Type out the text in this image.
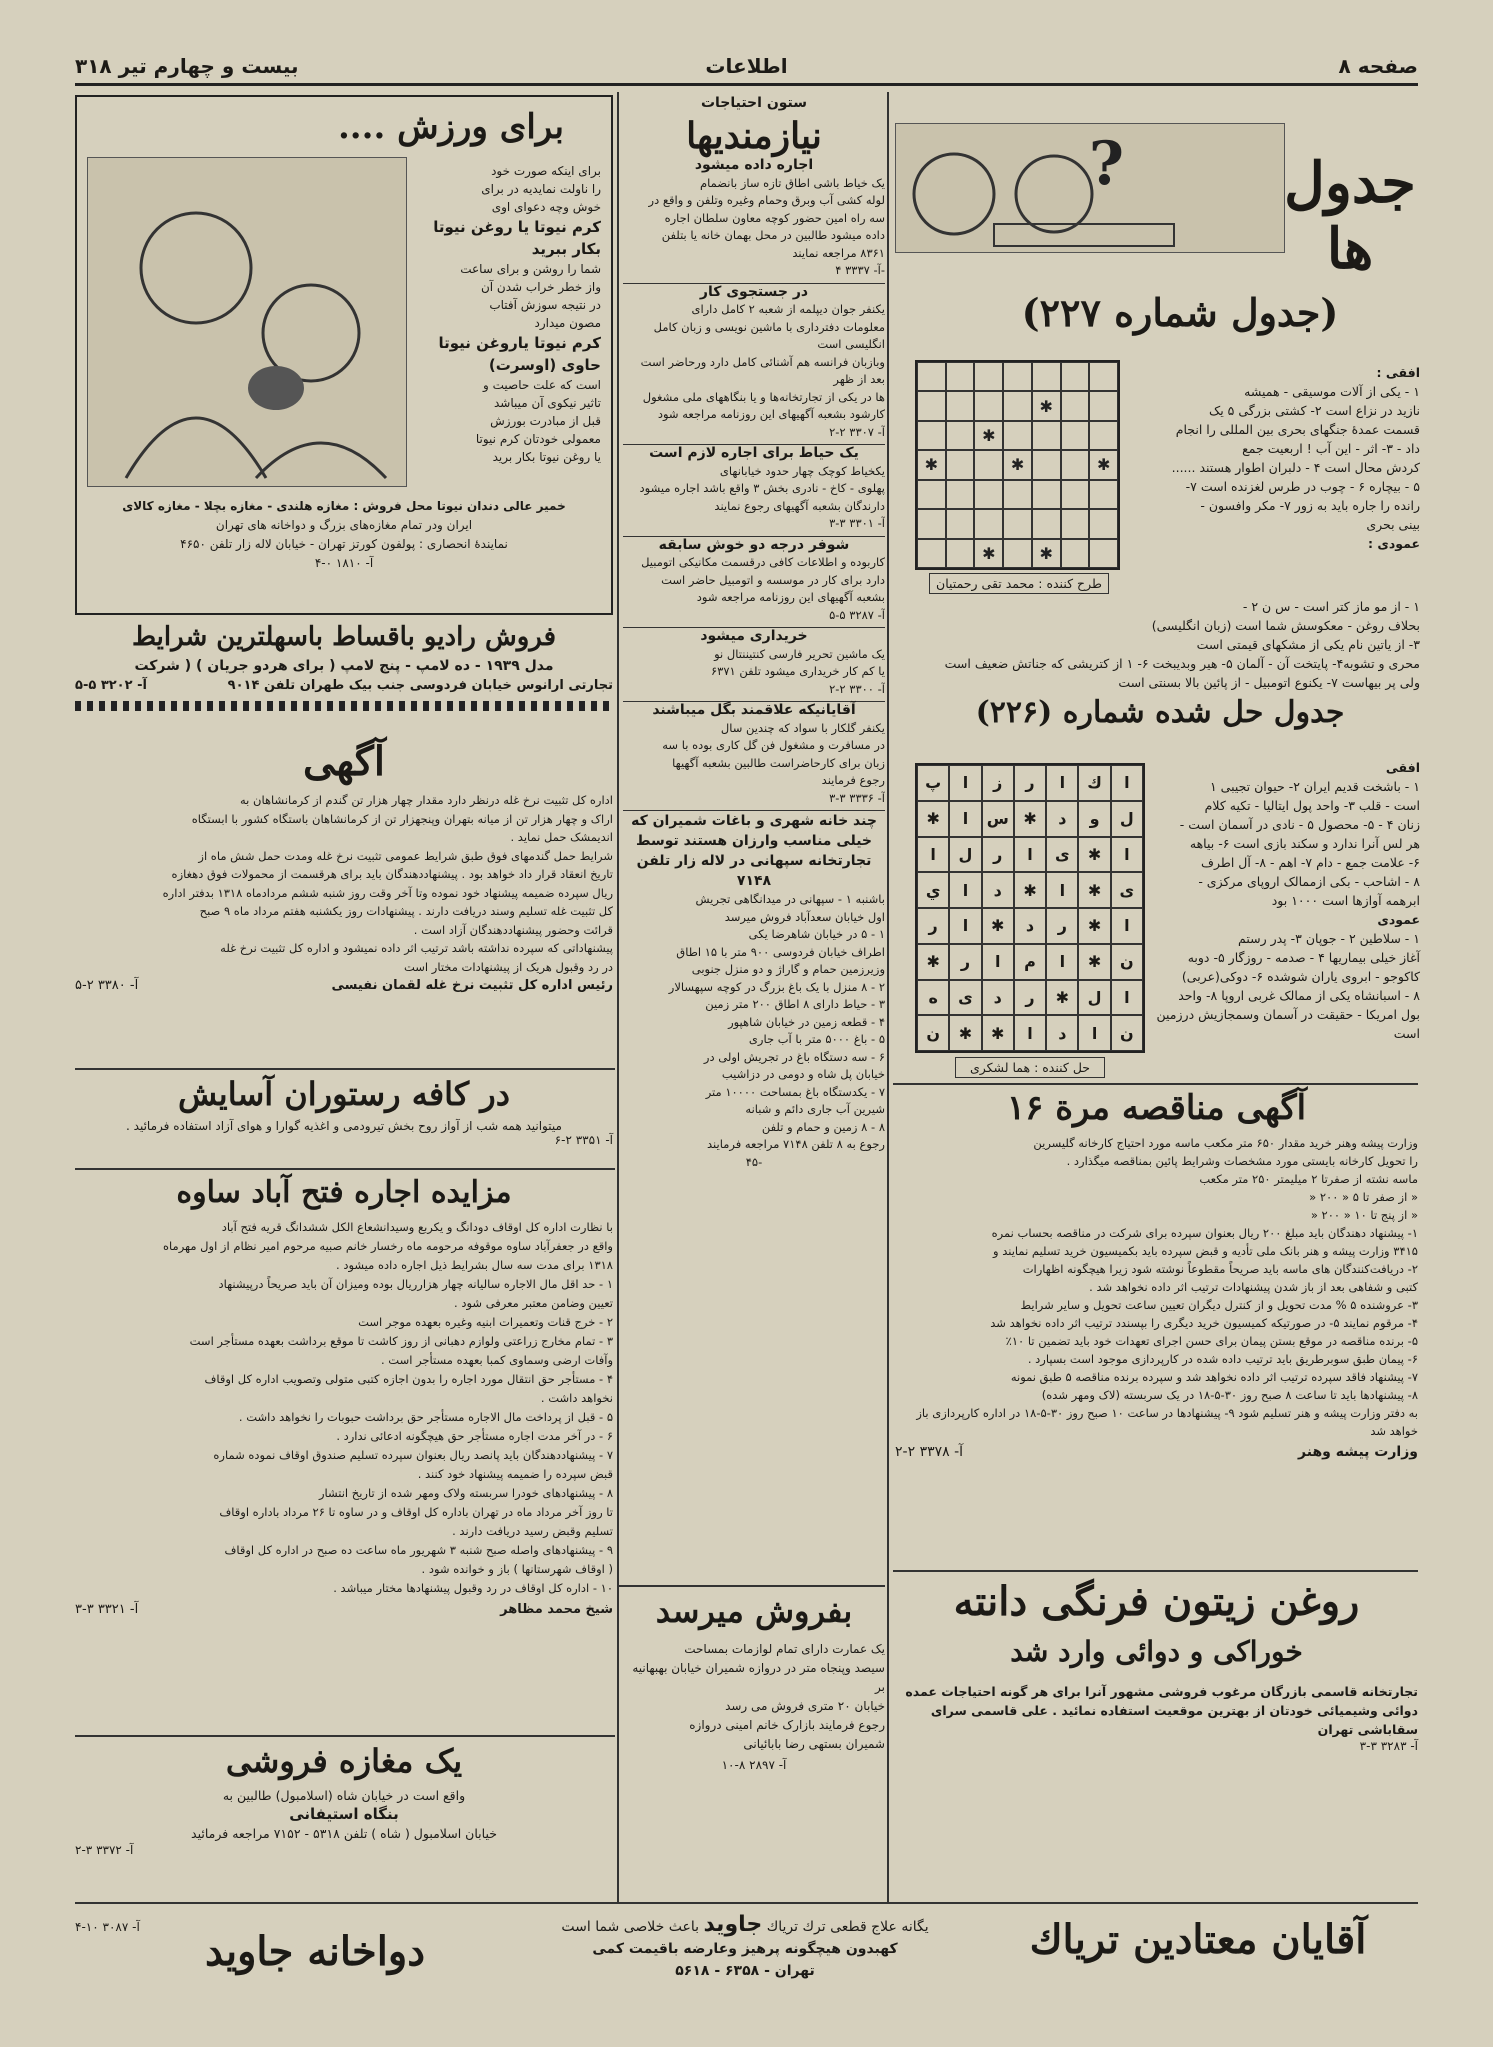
صفحه ۸
اطلاعات
بیست و چهارم تیر ۳۱۸
?	جدول ها
(جدول شماره ۲۲۷)
✱
✱
✱
✱
✱
✱
✱
طرح کننده : محمد تقی رحمتیان
افقی :
۱ - یکی از آلات موسیقی - همیشه
نازید در نزاع است ۲- کشتی بزرگی ۵ یک
قسمت عمدهٔ جنگهای بحری بین المللی را انجام
داد - ۳- اثر - این آب ! اربعیت جمع
کردش محال است ۴ - دلبران اطوار هستند ......
۵ - بیچاره ۶ - چوب در طرس لغزنده است ۷-
رانده را جاره باید به زور ۷- مکر وافسون -
بینی بحری
عمودی :
۱ - از مو ماز کتر است - س ن ۲ -
بحلاف روغن - معکوسش شما است (زبان انگلیسی)
۳- از یاتین نام یکی از مشکهای قیمتی است
محری و تشوبه۴- پایتخت آن - آلمان ۵- هیر وبدیبخت ۶- ۱ از کتریشی که جناتش ضعیف است
ولی پر بیهاست ۷- یکنوع اتومبیل - از پائین بالا بسنتی است
جدول حل شده شماره (۲۲۶)
ا
ك
ا
ر
ز
ا
پ
ل
و
د
✱
س
ا
✱
ا
✱
ى
ا
ر
ل
ا
ى
✱
ا
✱
د
ا
ي
ا
✱
ر
د
✱
ا
ر
ن
✱
ا
م
ا
ر
✱
ا
ل
✱
ر
د
ى
ه
ن
ا
د
ا
✱
✱
ن
حل کننده : هما لشکری
افقی
۱ - باشخت قدیم ایران ۲- حیوان تجیبی ۱
است - قلب ۳- واحد پول ایتالیا - تکیه کلام
زنان ۴ - ۵- محصول ۵ - نادی در آسمان است -
هر لس آنرا ندارد و سکند بازی است ۶- بیاهه
۶- علامت جمع - دام ۷- اهم - ۸- آل اطرف
۸ - اشاحب - بکی ازممالک اروپای مرکزی -
ابرهمه آوازها است ۱۰۰۰ بود
عمودی
۱ - سلاطین ۲ - جوپان ۳- پدر رستم
آغاز خیلی بیماریها ۴ - صدمه - روزگار ۵- دوبه
کاکوجو - ابروی یاران شوشده ۶- دوکی(عربی)
۸ - اسبانشاه یکی از ممالک غربی اروپا ۸- واحد
بول امریکا - حقیقت در آسمان وسمجازیش درزمین است
آگهی مناقصه مرة ۱۶
وزارت پیشه وهنر خرید مقدار ۶۵۰ متر مکعب ماسه مورد احتیاج کارخانه گلیسرین
را تحویل کارخانه بایستی مورد مشخصات وشرایط پائین بمناقصه میگذارد .
ماسه نشته از صفرتا ۲ میلیمتر ۲۵۰ متر مکعب
« از صفر تا ۵ « ۲۰۰ «
« از پنج تا ۱۰ « ۲۰۰ «
۱- پیشنهاد دهندگان باید مبلغ ۲۰۰ ریال بعنوان سپرده برای شرکت در مناقصه بحساب نمره
۳۴۱۵ وزارت پیشه و هنر بانک ملی تأدیه و قبض سپرده باید بکمیسیون خرید تسلیم نمایند و
۲- دریافت‌کنندگان های ماسه باید صریحاً مقطوعاً نوشته شود زیرا هیچگونه اظهارات
کتبی و شفاهی بعد از باز شدن پیشنهادات ترتیب اثر داده نخواهد شد .
۳- عروشنده ۵ % مدت تحویل و از کنترل دیگران تعیین ساعت تحویل و سایر شرایط
۴- مرقوم نمایند ۵- در صورتیکه کمیسیون خرید دیگری را بپسندد ترتیب اثر داده نخواهد شد
۵- برنده مناقصه در موقع بستن پیمان برای حسن اجرای تعهدات خود باید تضمین تا ۱۰٪
۶- پیمان طبق سوبرطریق باید ترتیب داده شده در کارپردازی موجود است بسپارد .
۷- پیشنهاد فاقد سپرده ترتیب اثر داده نخواهد شد و سپرده برنده مناقصه ۵ طبق نمونه
۸- پیشنهادها باید تا ساعت ۸ صبح روز ۳۰-۵-۱۸ در یک سربسته (لاک ومهر شده)
به دفتر وزارت پیشه و هنر تسلیم شود ۹- پیشنهادها در ساعت ۱۰ صبح روز ۳۰-۵-۱۸ در اداره کارپردازی باز خواهد شد
وزارت پیشه وهنر
آ- ۳۳۷۸ ۲-۲
روغن زیتون فرنگی دانته
خوراکی و دوائی وارد شد
تجارتخانه قاسمی بازرگان مرغوب فروشی مشهور آنرا برای هر گونه احتیاجات عمده
دوائی وشیمیائی خودتان از بهترین موقعیت استفاده نمائید . علی قاسمی سرای سقاباشی تهران
آ- ۳۲۸۳ ۳-۳
ستون احتیاجات
نیازمندیها
اجاره داده میشود
یک خیاط باشی اطاق تازه ساز بانضمام
لوله کشی آب وبرق وحمام وغیره وتلفن و واقع در
سه راه امین حضور کوچه معاون سلطان اجاره
داده میشود طالبین در محل بهمان خانه یا بتلفن
۸۳۶۱ مراجعه نمایند
آ- ۳۳۳۷ ۴-
در جستجوی کار
یکنفر جوان دیپلمه از شعبه ۲ کامل دارای
معلومات دفترداری با ماشین نویسی و زبان کامل انگلیسی است
وبازبان فرانسه هم آشنائی کامل دارد ورحاضر است بعد از ظهر
ها در یکی از تجارتخانه‌ها و یا بنگاههای ملی مشغول
کارشود بشعبه آگهیهای این روزنامه مراجعه شود
آ- ۳۳۰۷ ۲-۲
یک حیاط برای اجاره لازم است
یکخیاط کوچک چهار حدود خیابانهای
پهلوی - کاخ - نادری بخش ۳ واقع باشد اجاره میشود
دارندگان بشعبه آگهیهای رجوع نمایند
آ- ۳۳۰۱ ۳-۳
شوفر درجه دو خوش سابقه
کاربوده و اطلاعات کافی درقسمت مکانیکی اتومبیل
دارد برای کار در موسسه و اتومبیل حاضر است
بشعبه آگهیهای این روزنامه مراجعه شود
آ- ۳۲۸۷ ۵-۵
خریداری میشود
یک ماشین تحریر فارسی کنتیننتال نو
یا کم کار خریداری میشود تلفن ۶۳۷۱
آ- ۳۳۰۰ ۲-۲
آقایانیکه علاقمند بگل میباشند
یکنفر گلکار با سواد که چندین سال
در مسافرت و مشغول فن گل کاری بوده با سه
زبان برای کارحاضراست طالبین بشعبه آگهیها
رجوع فرمایند
آ- ۳۳۳۶ ۳-۳
چند خانه شهری و باغات شمیران که خیلی مناسب وارزان هستند توسط تجارتخانه سپهانی در لاله زار تلفن ۷۱۴۸
باشنبه ۱ - سپهانی در میدانگاهی تجریش
اول خیابان سعدآباد فروش میرسد
۱ - ۵ در خیابان شاهرضا یکی
اطراف خیابان فردوسی ۹۰۰ متر با ۱۵ اطاق
وزیرزمین حمام و گاراژ و دو منزل جنوبی
۲ - ۸ منزل با یک باغ بزرگ در کوچه سپهسالار
۳ - حیاط دارای ۸ اطاق ۲۰۰ متر زمین
۴ - قطعه زمین در خیابان شاهپور
۵ - باغ ۵۰۰۰ متر با آب جاری
۶ - سه دستگاه باغ در تجریش اولی در
خیابان پل شاه و دومی در دزاشیب
۷ - یکدستگاه باغ بمساحت ۱۰۰۰۰ متر
شیرین آب جاری دائم و شبانه
۸ - ۸ زمین و حمام و تلفن
رجوع به ۸ تلفن ۷۱۴۸ مراجعه فرمایند
۴۵-
بفروش میرسد
یک عمارت دارای تمام لوازمات بمساحت
سیصد وپنجاه متر در دروازه شمیران خیابان بهبهانیه بر
خیابان ۲۰ متری فروش می رسد
رجوع فرمایند بازارک خانم امینی دروازه
شمیران بستهی رضا بابائیانی
آ- ۲۸۹۷ ۸-۱۰
برای ورزش ....
برای اینکه صورت خود
را ناولت نمایدیه در برای
خوش وچه دعوای اوی
کرم نیوتا یا روغن نیوتا بکار ببرید
شما را روشن و برای ساعت
واز خطر خراب شدن آن
در نتیجه سوزش آفتاب
مصون میدارد
کرم نیوتا یاروغن نیوتا حاوی (اوسرت)
است که علت حاصیت و
تاثیر نیکوی آن میباشد
قبل از مبادرت بورزش
معمولی خودتان کرم نیوتا
یا روغن نیوتا بکار برید
خمیر عالی دندان نیوتا محل فروش : مغازه هلندی - مغازه بچلا - مغازه کالای
ایران ودر تمام مغازه‌های بزرگ و دواخانه های تهران
نمایندهٔ انحصاری : پولفون کورتز تهران - خیابان لاله زار تلفن ۴۶۵۰
آ- ۱۸۱۰ ۰-۴
فروش رادیو باقساط باسهلترین شرایط
مدل ۱۹۳۹ - ده لامپ - پنج لامپ ( برای هردو جریان ) ( شرکت
تجارتی ارانوس خیابان فردوسی جنب بیک طهران تلفن ۹۰۱۴
آ- ۳۲۰۲ ۵-۵
آگهی
اداره کل تثبیت نرخ غله درنظر دارد مقدار چهار هزار تن گندم از کرمانشاهان به
اراک و چهار هزار تن از میانه بتهران وپنجهزار تن از کرمانشاهان باستگاه کشور با ابستگاه
اندیمشک حمل نماید .
شرایط حمل گندمهای فوق طبق شرایط عمومی تثبیت نرخ غله ومدت حمل شش ماه از
تاریخ انعقاد قرار داد خواهد بود . پیشنهاددهندگان باید برای هرقسمت از محمولات فوق دهغازه
ریال سپرده ضمیمه پیشنهاد خود نموده وتا آخر وقت روز شنبه ششم مردادماه ۱۳۱۸ بدفتر اداره
کل تثبیت غله تسلیم وسند دریافت دارند . پیشنهادات روز یکشنبه هفتم مرداد ماه ۹ صبح
قرائت وحضور پیشنهاددهندگان آزاد است .
پیشنهاداتی که سپرده نداشته باشد ترتیب اثر داده نمیشود و اداره کل تثبیت نرخ غله
در رد وقبول هریک از پیشنهادات مختار است
رئیس اداره کل تثبیت نرخ غله لقمان نفیسی
آ- ۳۳۸۰ ۲-۵
در کافه رستوران آسایش
میتوانید همه شب از آواز روح بخش تیرودمی و اغذیه گوارا و هوای آزاد استفاده فرمائید .
آ- ۳۳۵۱ ۲-۶
مزایده اجاره فتح آباد ساوه
با نظارت اداره کل اوقاف دودانگ و یکربع وسیدانشعاع الکل ششدانگ قریه فتح آباد
واقع در جعفرآباد ساوه موقوفه مرحومه ماه رخسار خانم صبیه مرحوم امیر نظام از اول مهرماه
۱۳۱۸ برای مدت سه سال بشرایط ذیل اجاره داده میشود .
۱ - حد اقل مال الاجاره سالیانه چهار هزارریال بوده ومیزان آن باید صریحاً درپیشنهاد
تعیین وضامن معتبر معرفی شود .
۲ - خرج قنات وتعمیرات ابنیه وغیره بعهده موجر است
۳ - تمام مخارج زراعتی ولوازم دهبانی از روز کاشت تا موقع برداشت بعهده مستأجر است
وآفات ارضی وسماوی کمبا بعهده مستأجر است .
۴ - مستأجر حق انتقال مورد اجاره را بدون اجازه کتبی متولی وتصویب اداره کل اوقاف
نخواهد داشت .
۵ - قبل از پرداخت مال الاجاره مستأجر حق برداشت حبوبات را نخواهد داشت .
۶ - در آخر مدت اجاره مستأجر حق هیچگونه ادعائی ندارد .
۷ - پیشنهاددهندگان باید پانصد ریال بعنوان سپرده تسلیم صندوق اوقاف نموده شماره
قبض سپرده را ضمیمه پیشنهاد خود کنند .
۸ - پیشنهادهای خودرا سربسته ولاک ومهر شده از تاریخ انتشار
تا روز آخر مرداد ماه در تهران باداره کل اوقاف و در ساوه تا ۲۶ مرداد باداره اوقاف
تسلیم وقبض رسید دریافت دارند .
۹ - پیشنهادهای واصله صبح شنبه ۳ شهریور ماه ساعت ده صبح در اداره کل اوقاف
( اوقاف شهرستانها ) باز و خوانده شود .
۱۰ - اداره کل اوقاف در رد وقبول پیشنهادها مختار میباشد .
شیخ محمد مظاهر
آ- ۳۳۲۱ ۳-۳
یک مغازه فروشی
واقع است در خیابان شاه (اسلامبول) طالبین به
بنگاه استیفانی
خیابان اسلامبول ( شاه ) تلفن ۵۳۱۸ - ۷۱۵۲ مراجعه فرمائید
آ- ۳۳۷۲ ۳-۲
آقایان معتادین تریاك
یگانه علاج قطعی ترك تریاك جاوید باعث خلاصی شما است
کهبدون هیچگونه پرهیز وعارضه باقیمت کمی
تهران - ۶۳۵۸ - ۵۶۱۸
دواخانه جاوید
آ- ۳۰۸۷ ۱۰-۴
